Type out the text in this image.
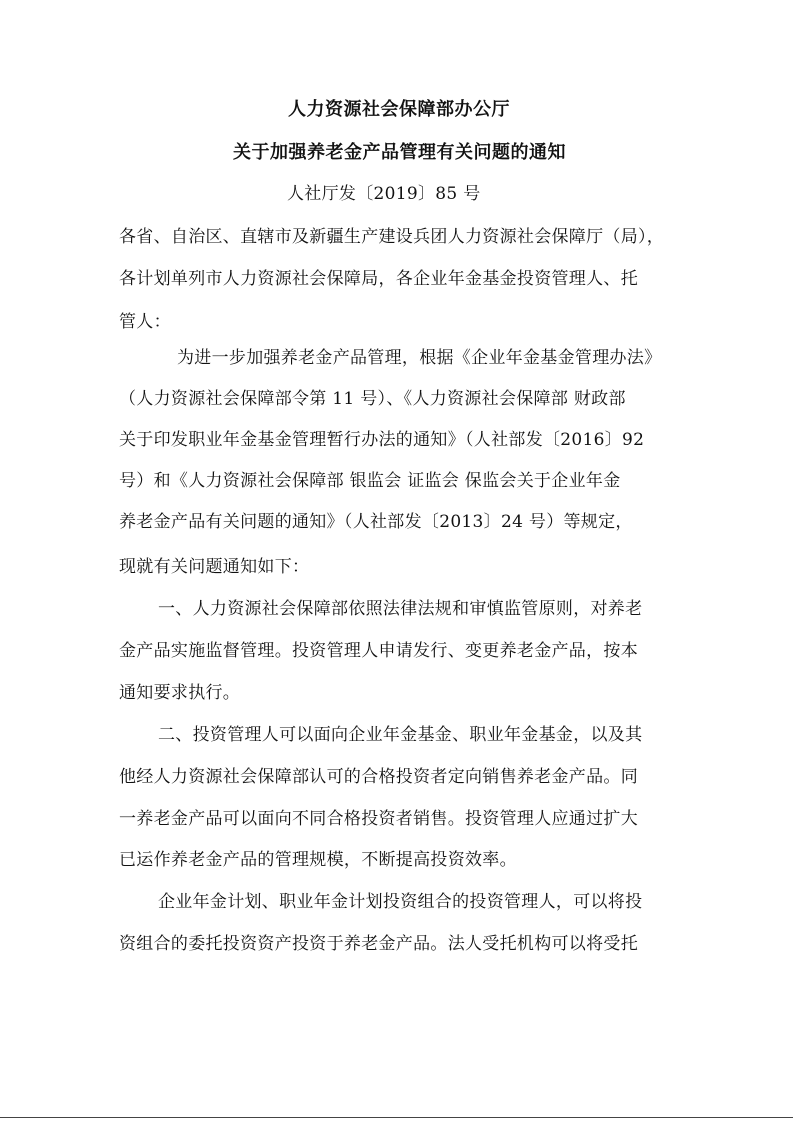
人力资源社会保障部办公厅
关于加强养老金产品管理有关问题的通知
人社厅发〔2019〕85 号
各省、自治区、直辖市及新疆生产建设兵团人力资源社会保障厅（局），
各计划单列市人力资源社会保障局，各企业年金基金投资管理人、托
管人：
为进一步加强养老金产品管理，根据《企业年金基金管理办法》
（人力资源社会保障部令第 11 号）、《人力资源社会保障部 财政部
关于印发职业年金基金管理暂行办法的通知》（人社部发〔2016〕92
号）和《人力资源社会保障部 银监会 证监会 保监会关于企业年金
养老金产品有关问题的通知》（人社部发〔2013〕24 号）等规定，
现就有关问题通知如下：
一、人力资源社会保障部依照法律法规和审慎监管原则，对养老
金产品实施监督管理。投资管理人申请发行、变更养老金产品，按本
通知要求执行。
二、投资管理人可以面向企业年金基金、职业年金基金，以及其
他经人力资源社会保障部认可的合格投资者定向销售养老金产品。同
一养老金产品可以面向不同合格投资者销售。投资管理人应通过扩大
已运作养老金产品的管理规模，不断提高投资效率。
企业年金计划、职业年金计划投资组合的投资管理人，可以将投
资组合的委托投资资产投资于养老金产品。法人受托机构可以将受托
